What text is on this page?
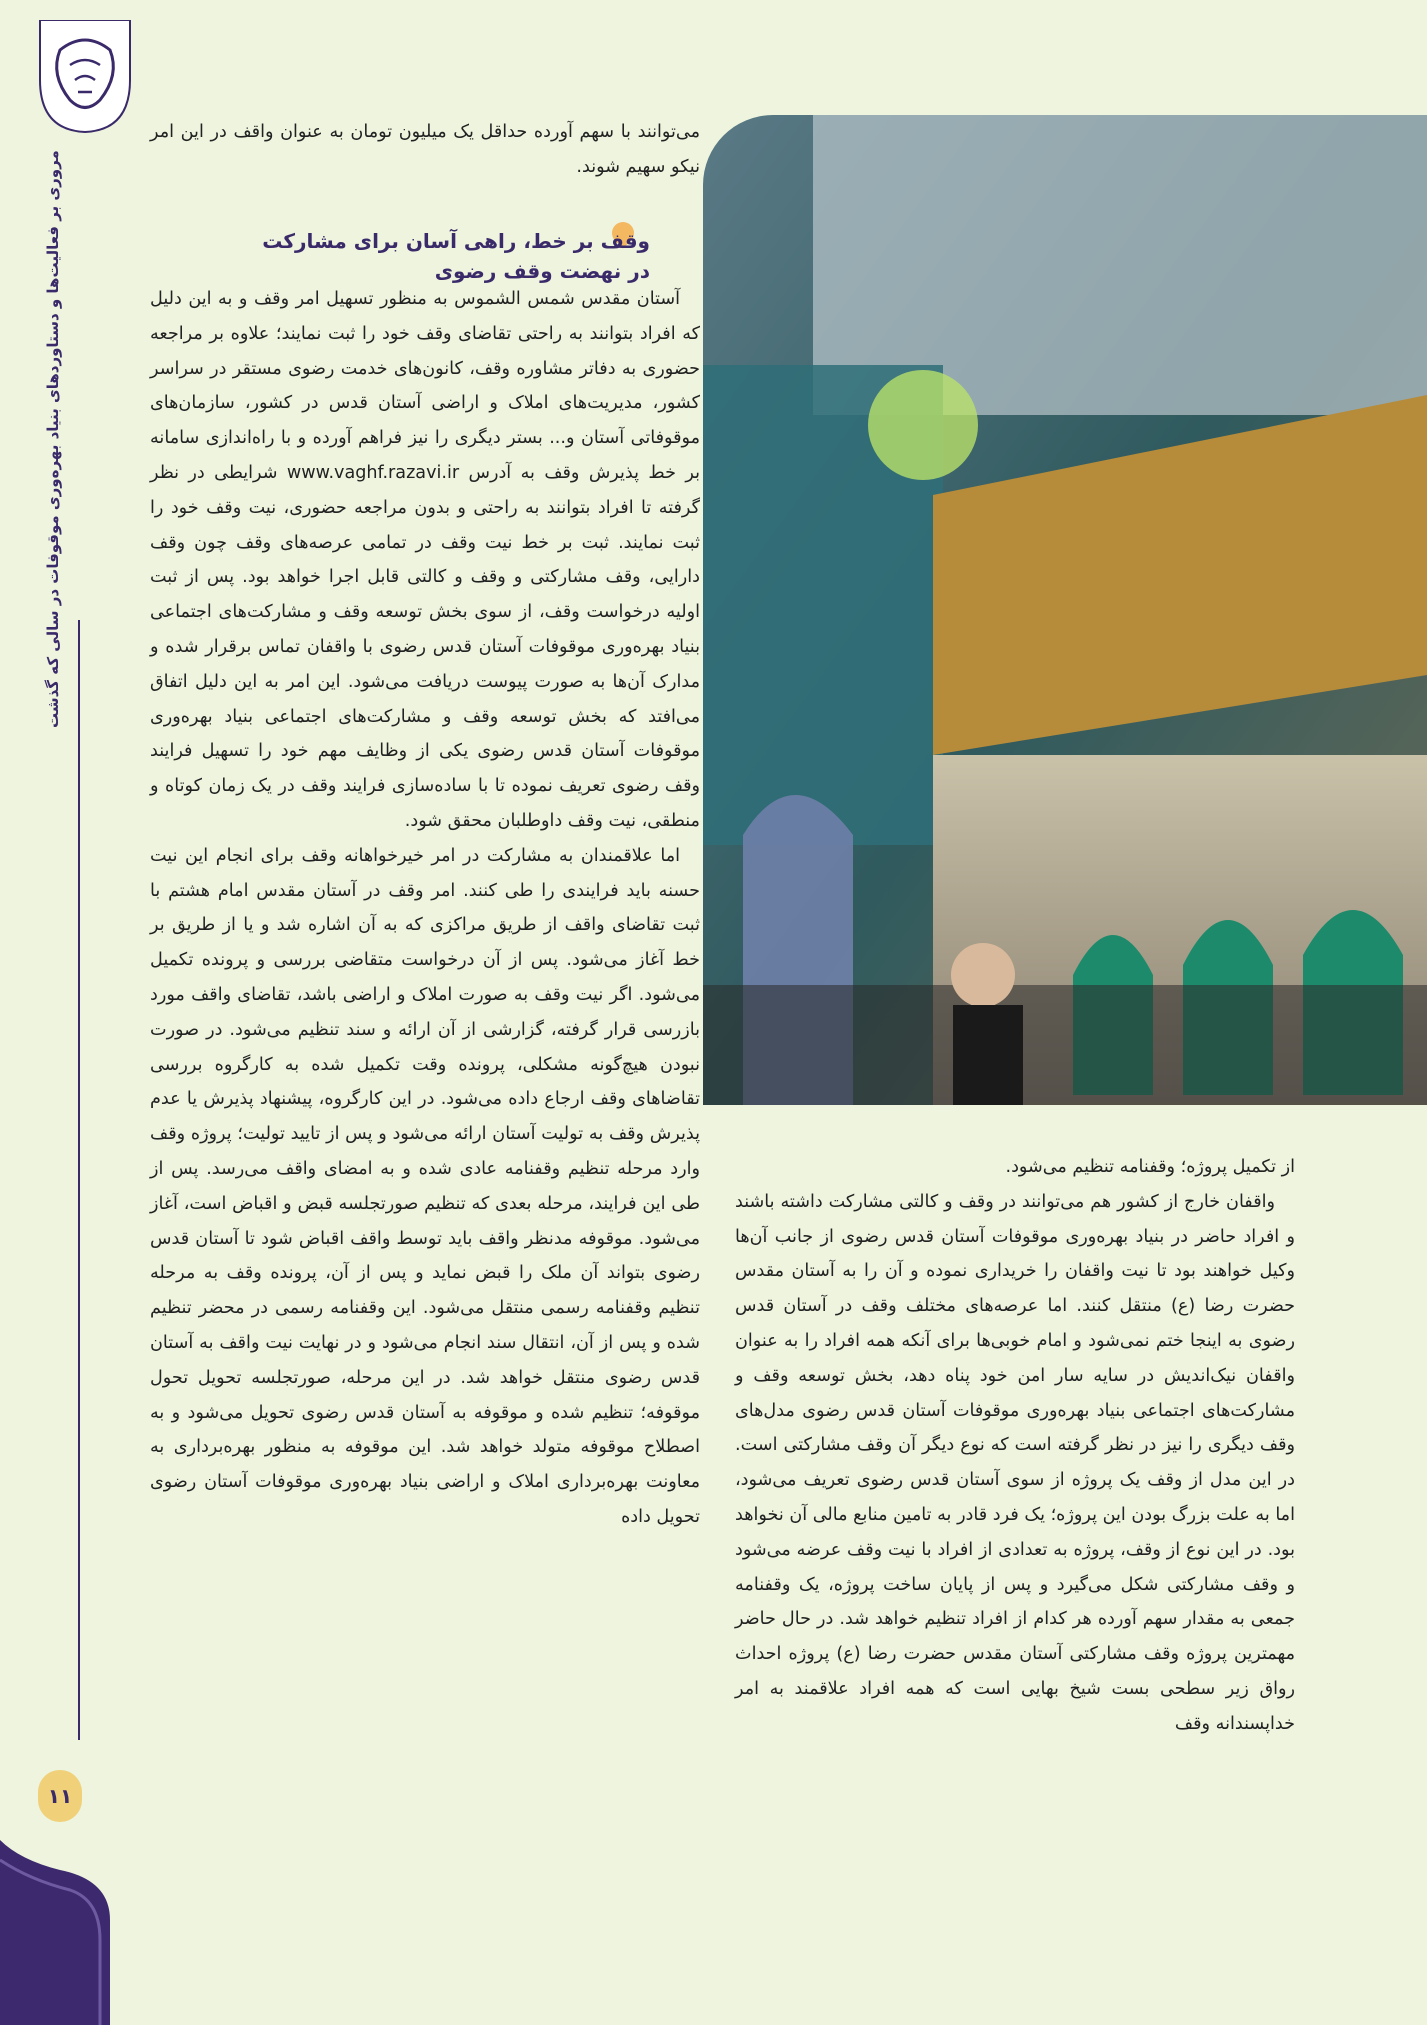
مروری بر فعالیت‌ها و دستاوردهای بنیاد بهره‌وری موقوفات در سالی که گذشت
۱۱

می‌توانند با سهم آورده حداقل یک میلیون تومان به عنوان واقف در این امر نیکو سهیم شوند.

وقف بر خط، راهی آسان برای مشارکت
در نهضت وقف رضوی

آستان مقدس شمس الشموس به منظور تسهیل امر وقف و به این دلیل که افراد بتوانند به راحتی تقاضای وقف خود را ثبت نمایند؛ علاوه بر مراجعه حضوری به دفاتر مشاوره وقف، کانون‌های خدمت رضوی مستقر در سراسر کشور، مدیریت‌های املاک و اراضی آستان قدس در کشور، سازمان‌های موقوفاتی آستان و... بستر دیگری را نیز فراهم آورده و با راه‌اندازی سامانه بر خط پذیرش وقف به آدرس www.vaghf.razavi.ir شرایطی در نظر گرفته تا افراد بتوانند به راحتی و بدون مراجعه حضوری، نیت وقف خود را ثبت نمایند. ثبت بر خط نیت وقف در تمامی عرصه‌های وقف چون وقف دارایی، وقف مشارکتی و وقف و کالتی قابل اجرا خواهد بود. پس از ثبت اولیه درخواست وقف، از سوی بخش توسعه وقف و مشارکت‌های اجتماعی بنیاد بهره‌وری موقوفات آستان قدس رضوی با واقفان تماس برقرار شده و مدارک آن‌ها به صورت پیوست دریافت می‌شود. این امر به این دلیل اتفاق می‌افتد که بخش توسعه وقف و مشارکت‌های اجتماعی بنیاد بهره‌وری موقوفات آستان قدس رضوی یکی از وظایف مهم خود را تسهیل فرایند وقف رضوی تعریف نموده تا با ساده‌سازی فرایند وقف در یک زمان کوتاه و منطقی، نیت وقف داوطلبان محقق شود.

اما علاقمندان به مشارکت در امر خیرخواهانه وقف برای انجام این نیت حسنه باید فرایندی را طی کنند. امر وقف در آستان مقدس امام هشتم با ثبت تقاضای واقف از طریق مراکزی که به آن اشاره شد و یا از طریق بر خط آغاز می‌شود. پس از آن درخواست متقاضی بررسی و پرونده تکمیل می‌شود. اگر نیت وقف به صورت املاک و اراضی باشد، تقاضای واقف مورد بازرسی قرار گرفته، گزارشی از آن ارائه و سند تنظیم می‌شود. در صورت نبودن هیچ‌گونه مشکلی، پرونده وقت تکمیل شده به کارگروه بررسی تقاضاهای وقف ارجاع داده می‌شود. در این کارگروه، پیشنهاد پذیرش یا عدم پذیرش وقف به تولیت آستان ارائه می‌شود و پس از تایید تولیت؛ پروژه وقف وارد مرحله تنظیم وقفنامه عادی شده و به امضای واقف می‌رسد. پس از طی این فرایند، مرحله بعدی که تنظیم صورتجلسه قبض و اقباض است، آغاز می‌شود. موقوفه مدنظر واقف باید توسط واقف اقباض شود تا آستان قدس رضوی بتواند آن ملک را قبض نماید و پس از آن، پرونده وقف به مرحله تنظیم وقفنامه رسمی منتقل می‌شود. این وقفنامه رسمی در محضر تنظیم شده و پس از آن، انتقال سند انجام می‌شود و در نهایت نیت واقف به آستان قدس رضوی منتقل خواهد شد. در این مرحله، صورتجلسه تحویل تحول موقوفه؛ تنظیم شده و موقوفه به آستان قدس رضوی تحویل می‌شود و به اصطلاح موقوفه متولد خواهد شد. این موقوفه به منظور بهره‌برداری به معاونت بهره‌برداری املاک و اراضی بنیاد بهره‌وری موقوفات آستان رضوی تحویل داده

از تکمیل پروژه؛ وقفنامه تنظیم می‌شود.

واقفان خارج از کشور هم می‌توانند در وقف و کالتی مشارکت داشته باشند و افراد حاضر در بنیاد بهره‌وری موقوفات آستان قدس رضوی از جانب آن‌ها وکیل خواهند بود تا نیت واقفان را خریداری نموده و آن را به آستان مقدس حضرت رضا (ع) منتقل کنند. اما عرصه‌های مختلف وقف در آستان قدس رضوی به اینجا ختم نمی‌شود و امام خوبی‌ها برای آنکه همه افراد را به عنوان واقفان نیک‌اندیش در سایه سار امن خود پناه دهد، بخش توسعه وقف و مشارکت‌های اجتماعی بنیاد بهره‌وری موقوفات آستان قدس رضوی مدل‌های وقف دیگری را نیز در نظر گرفته است که نوع دیگر آن وقف مشارکتی است. در این مدل از وقف یک پروژه از سوی آستان قدس رضوی تعریف می‌شود، اما به علت بزرگ بودن این پروژه؛ یک فرد قادر به تامین منابع مالی آن نخواهد بود. در این نوع از وقف، پروژه به تعدادی از افراد با نیت وقف عرضه می‌شود و وقف مشارکتی شکل می‌گیرد و پس از پایان ساخت پروژه، یک وقفنامه جمعی به مقدار سهم آورده هر کدام از افراد تنظیم خواهد شد. در حال حاضر مهمترین پروژه وقف مشارکتی آستان مقدس حضرت رضا (ع) پروژه احداث رواق زیر سطحی بست شیخ بهایی است که همه افراد علاقمند به امر خداپسندانه وقف
